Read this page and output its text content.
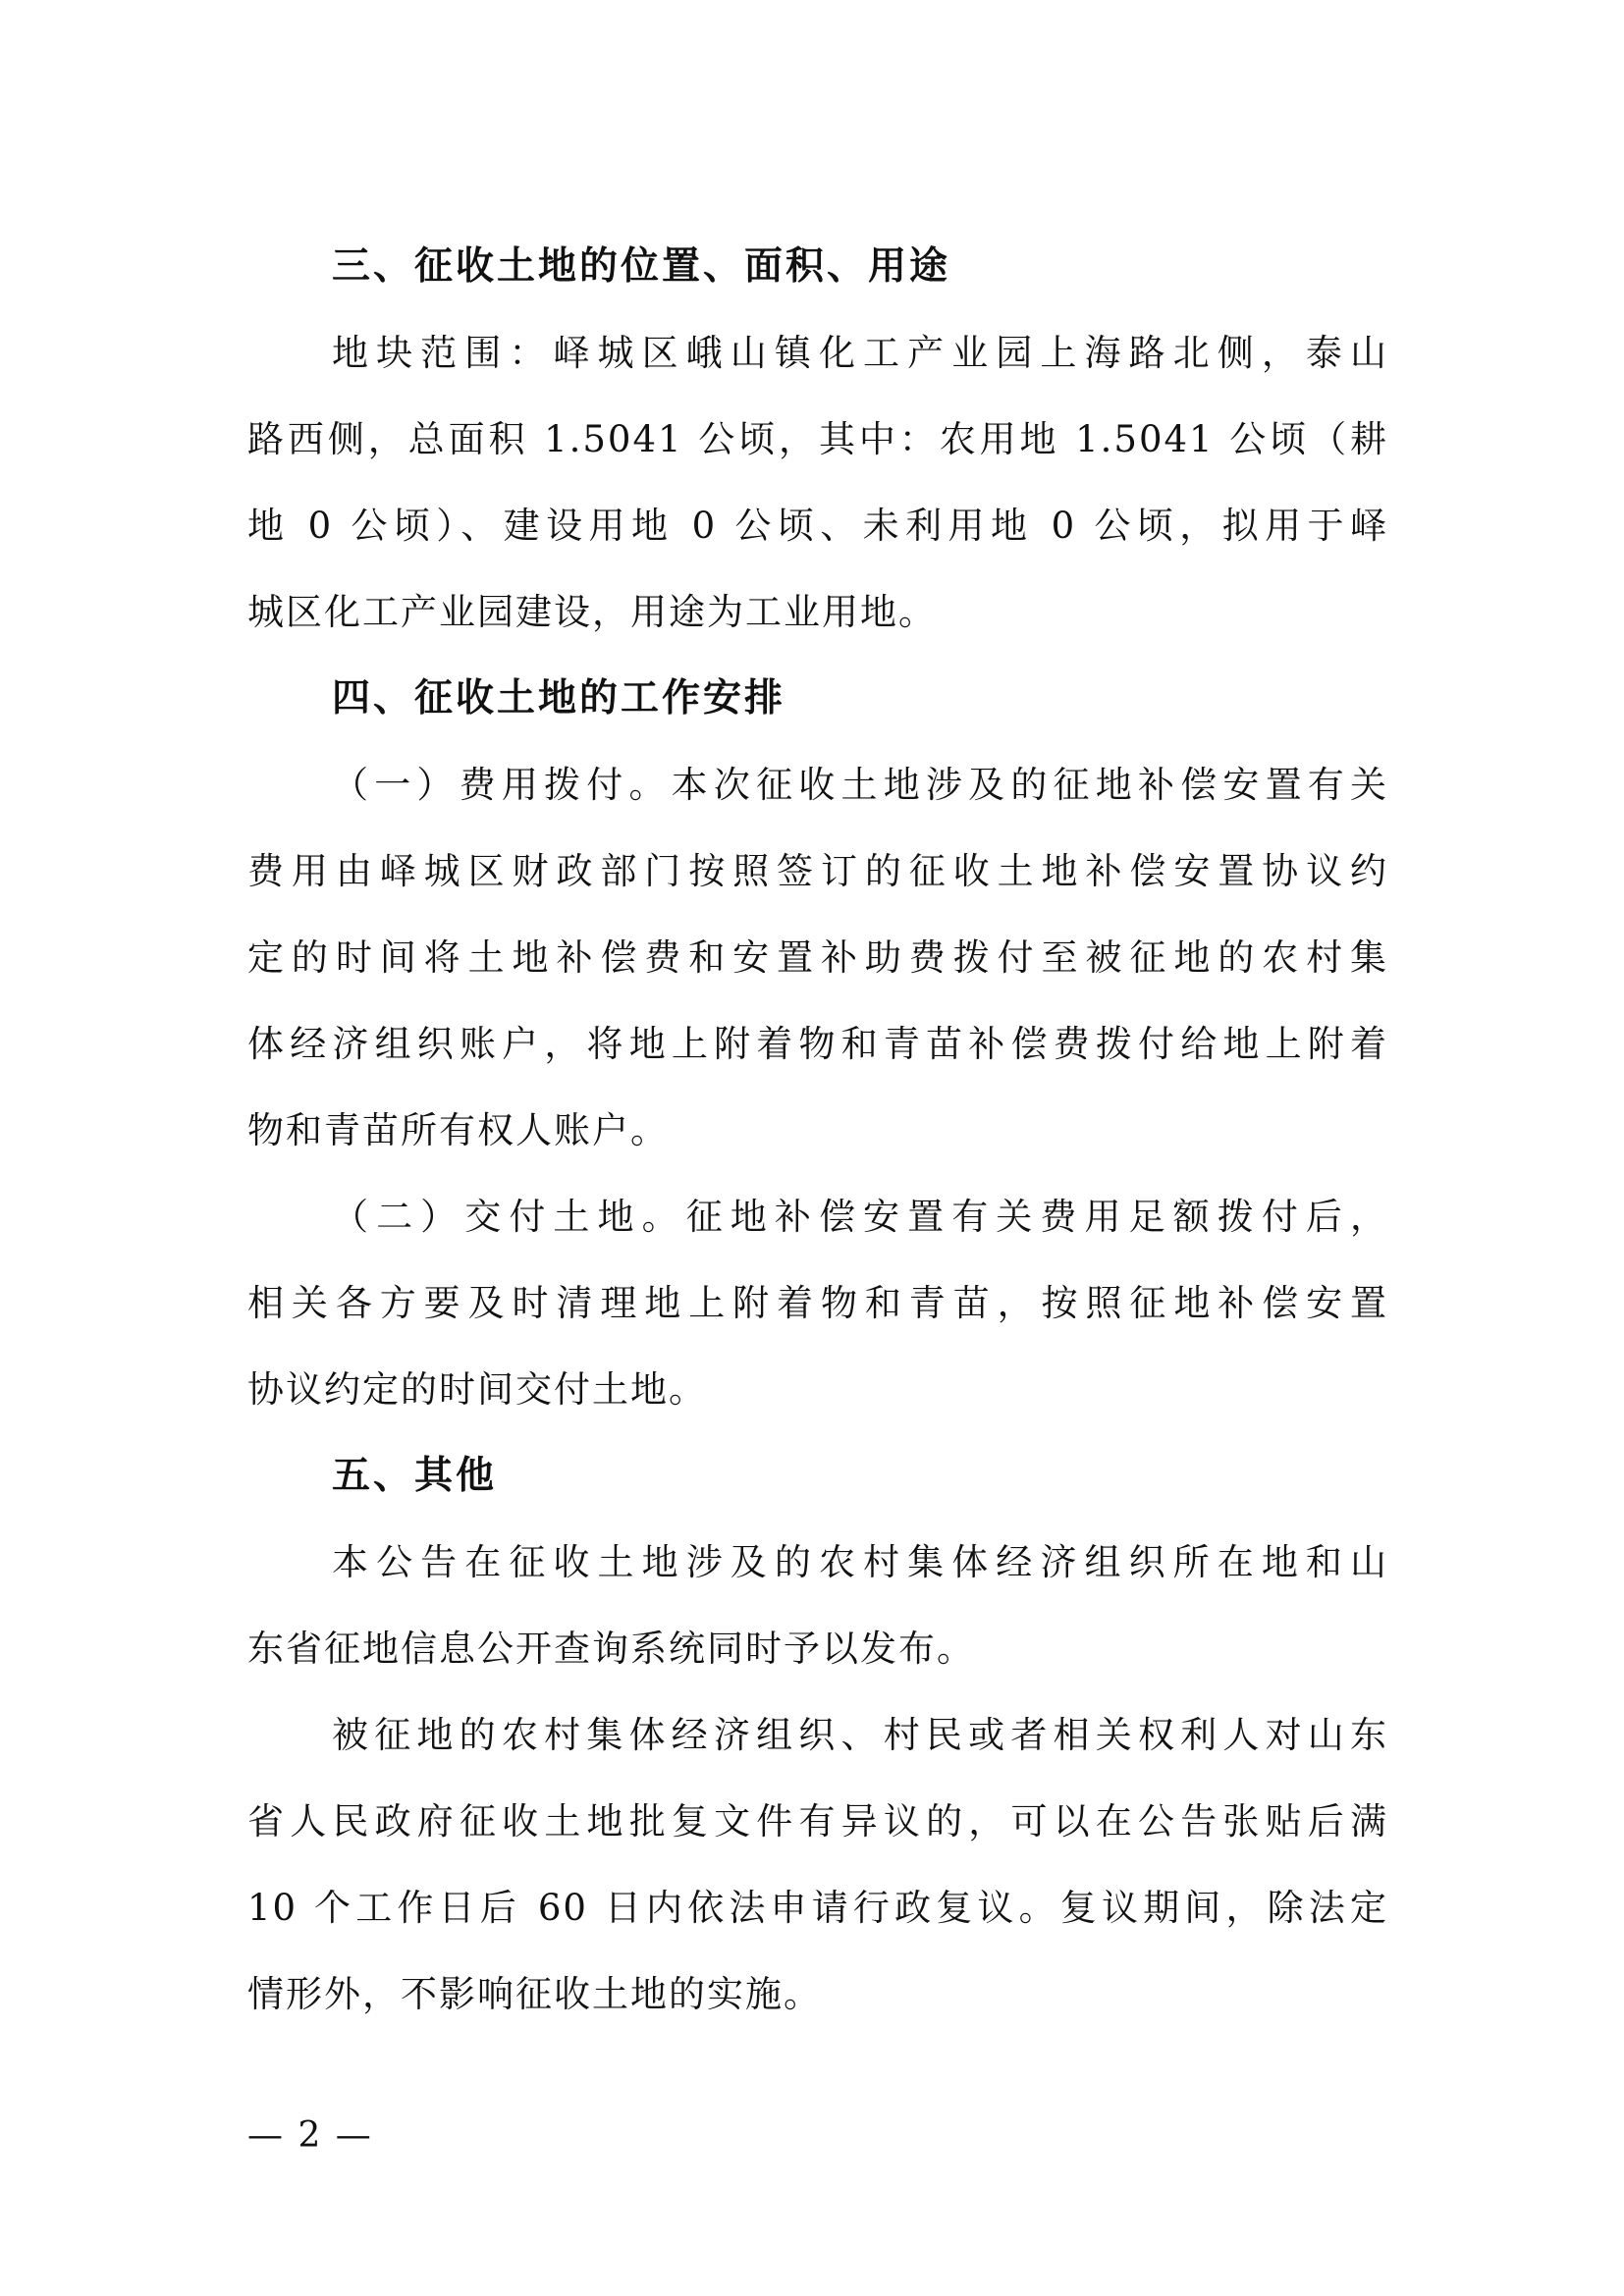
三、征收土地的位置、面积、用途

地块范围：峄城区峨山镇化工产业园上海路北侧，泰山
路西侧，总面积 1.5041 公顷，其中：农用地 1.5041 公顷（耕
地 0 公顷）、建设用地 0 公顷、未利用地 0 公顷，拟用于峄
城区化工产业园建设，用途为工业用地。

四、征收土地的工作安排

（一）费用拨付。本次征收土地涉及的征地补偿安置有关
费用由峄城区财政部门按照签订的征收土地补偿安置协议约
定的时间将土地补偿费和安置补助费拨付至被征地的农村集
体经济组织账户，将地上附着物和青苗补偿费拨付给地上附着
物和青苗所有权人账户。

（二）交付土地。征地补偿安置有关费用足额拨付后，
相关各方要及时清理地上附着物和青苗，按照征地补偿安置
协议约定的时间交付土地。

五、其他

本公告在征收土地涉及的农村集体经济组织所在地和山
东省征地信息公开查询系统同时予以发布。

被征地的农村集体经济组织、村民或者相关权利人对山东
省人民政府征收土地批复文件有异议的，可以在公告张贴后满
10 个工作日后 60 日内依法申请行政复议。复议期间，除法定
情形外，不影响征收土地的实施。

— 2 —
